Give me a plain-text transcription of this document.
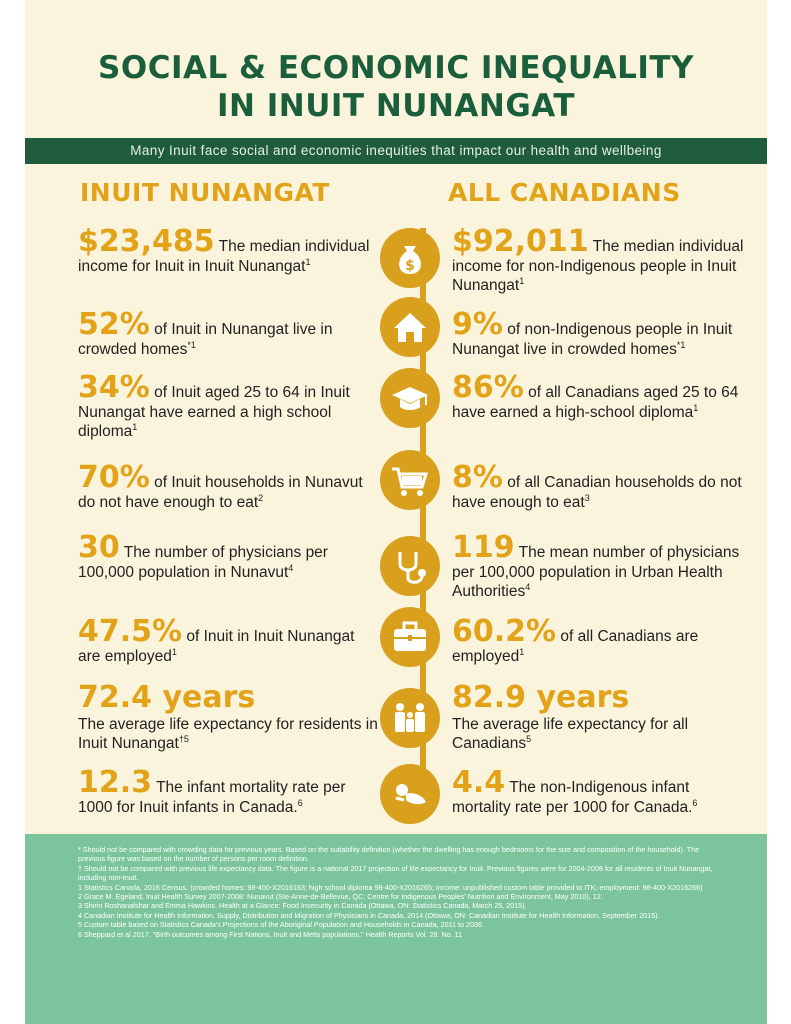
SOCIAL & ECONOMIC INEQUALITY
IN INUIT NUNANGAT
Many Inuit face social and economic inequities that impact our health and wellbeing
INUIT NUNANGAT	ALL CANADIANS
$
$23,485 The median individual income for Inuit in Inuit Nunangat$^1$
52% of Inuit in Nunangat live in crowded homes$^{*1}$
34% of Inuit aged 25 to 64 in Inuit Nunangat have earned a high school diploma$^1$
70% of Inuit households in Nunavut do not have enough to eat$^2$
30 The number of physicians per 100,000 population in Nunavut$^4$
47.5% of Inuit in Inuit Nunangat are employed$^1$
72.4 years
The average life expectancy for residents in Inuit Nunangat$^{\dagger 5}$
12.3 The infant mortality rate per 1000 for Inuit infants in Canada.$^6$
$92,011 The median individual income for non-Indigenous people in Inuit Nunangat$^1$
9% of non-Indigenous people in Inuit Nunangat live in crowded homes$^{*1}$
86% of all Canadians aged 25 to 64 have earned a high-school diploma$^1$
8% of all Canadian households do not have enough to eat$^3$
119 The mean number of physicians per 100,000 population in Urban Health Authorities$^4$
60.2% of all Canadians are employed$^1$
82.9 years
The average life expectancy for all Canadians$^5$
4.4 The non-Indigenous infant mortality rate per 1000 for Canada.$^6$
* Should not be compared with crowding data for previous years. Based on the suitability definition (whether the dwelling has enough bedrooms for the size and composition of the household). The previous figure was based on the number of persons per room definition.
† Should not be compared with previous life expectancy data. The figure is a national 2017 projection of life expectancy for Inuit. Previous figures were for 2004-2008 for all residents of Inuit Nunangat, including non-Inuit.
1 Statistics Canada, 2016 Census. (crowded homes: 98-400-X2016163; high school diploma 98-400-X2016265; income: unpublished custom table provided to ITK; employment: 98-400-X2016266)
2 Grace M. Egeland, Inuit Health Survey 2007-2008: Nunavut (Ste-Anne-de-Bellevue, QC: Centre for Indigenous Peoples' Nutrition and Environment, May 2010), 12.
3 Shirin Roshanafshar and Emma Hawkins. Health at a Glance: Food Insecurity in Canada (Ottawa, ON: Statistics Canada, March 25, 2015).
4 Canadian Institute for Health Information, Supply, Distribution and Migration of Physicians in Canada, 2014 (Ottawa, ON: Canadian Institute for Health Information, September 2015).
5 Custom table based on Statistics Canada's Projections of the Aboriginal Population and Households in Canada, 2011 to 2036.
6 Sheppard et al 2017. "Birth outcomes among First Nations, Inuit and Metis populations." Health Reports Vol. 28. No. 11
